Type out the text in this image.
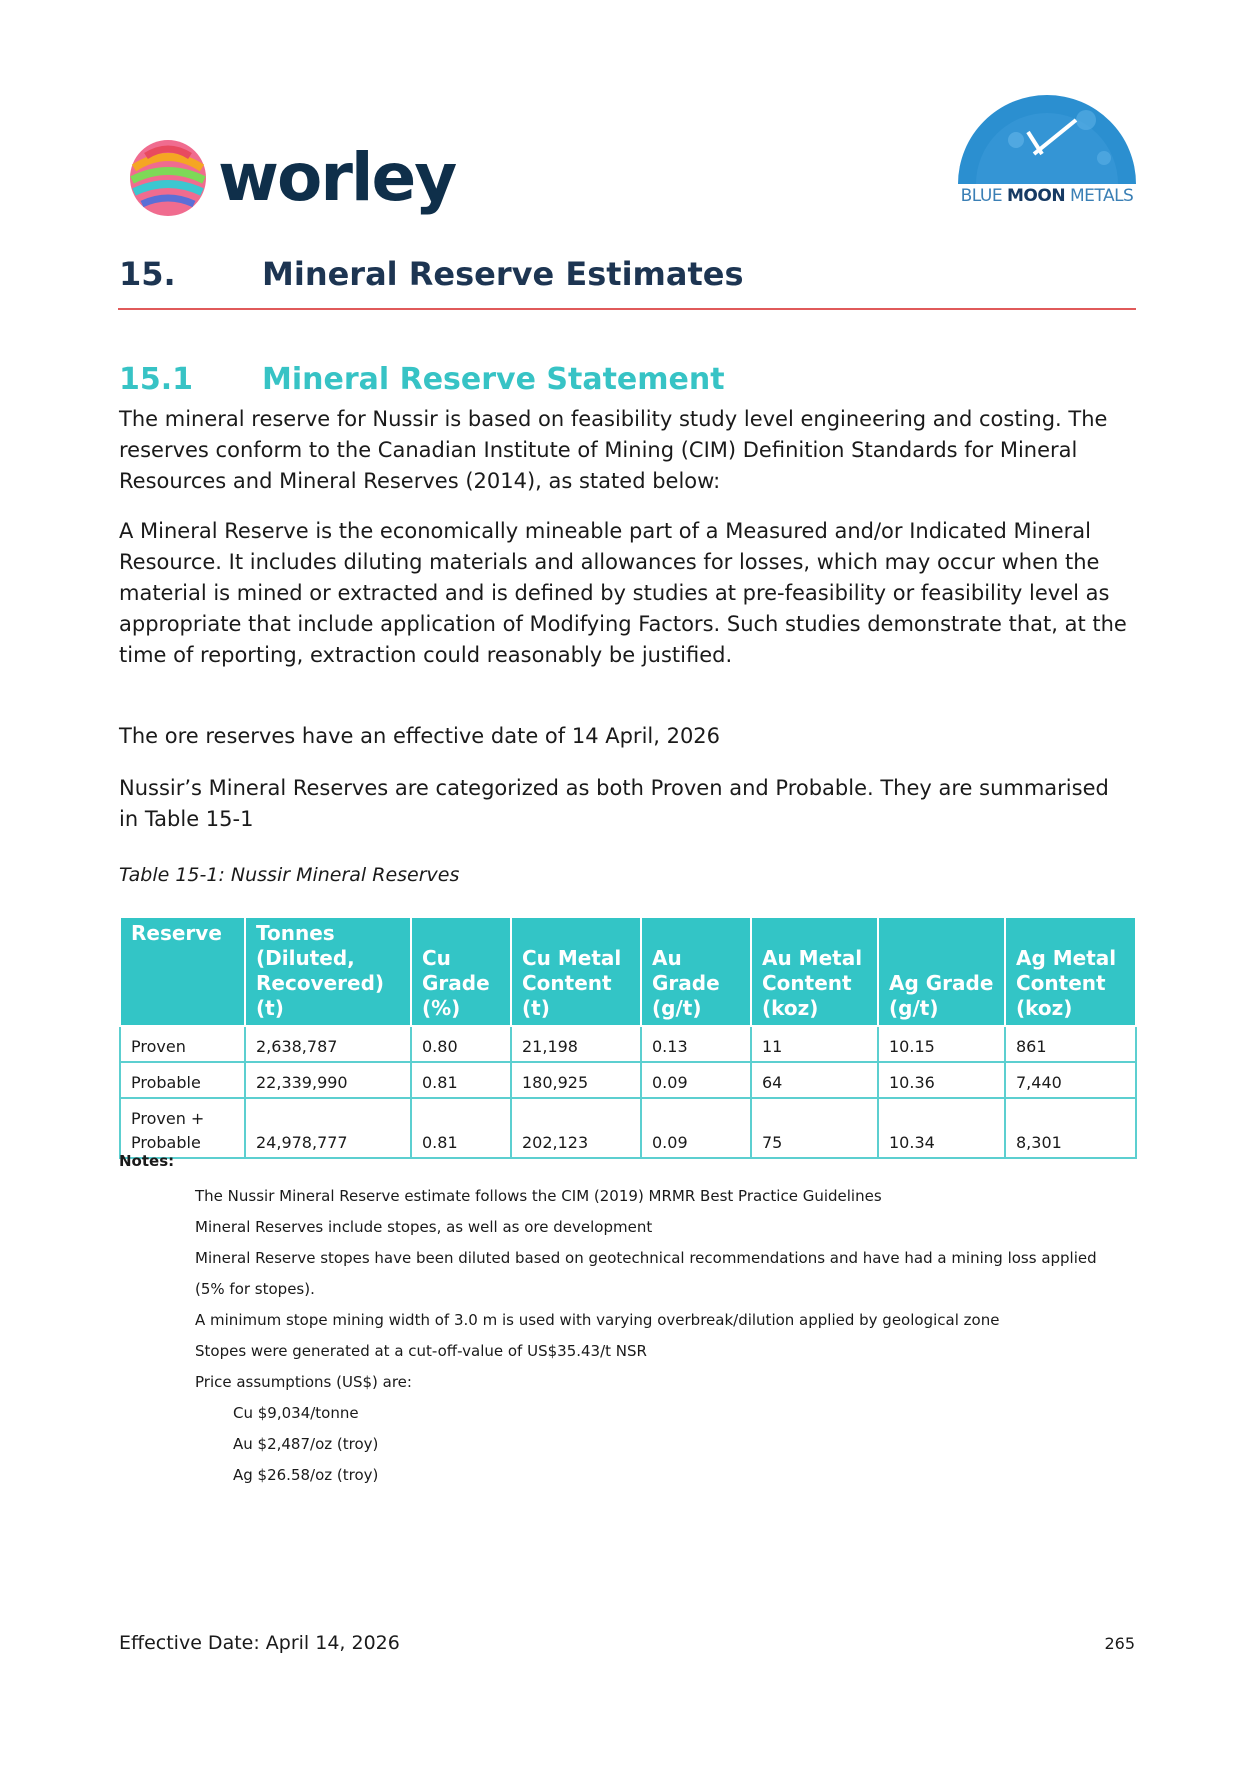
worley	BLUE MOON METALS
15.	Mineral Reserve Estimates
15.1 Mineral Reserve Statement

The mineral reserve for Nussir is based on feasibility study level engineering and costing. The reserves conform to the Canadian Institute of Mining (CIM) Definition Standards for Mineral Resources and Mineral Reserves (2014), as stated below:

A Mineral Reserve is the economically mineable part of a Measured and/or Indicated Mineral Resource. It includes diluting materials and allowances for losses, which may occur when the material is mined or extracted and is defined by studies at pre-feasibility or feasibility level as appropriate that include application of Modifying Factors. Such studies demonstrate that, at the time of reporting, extraction could reasonably be justified.

The ore reserves have an effective date of 14 April, 2026

Nussir’s Mineral Reserves are categorized as both Proven and Probable. They are summarised in Table 15-1

Table 15-1: Nussir Mineral Reserves
Reserve	Tonnes (Diluted, Recovered) (t)	Cu Grade (%)	Cu Metal Content (t)	Au Grade (g/t)	Au Metal Content (koz)	Ag Grade (g/t)	Ag Metal Content (koz)
Proven	2,638,787	0.80	21,198	0.13	11	10.15	861
Probable	22,339,990	0.81	180,925	0.09	64	10.36	7,440
Proven + Probable	24,978,777	0.81	202,123	0.09	75	10.34	8,301
Notes:

The Nussir Mineral Reserve estimate follows the CIM (2019) MRMR Best Practice Guidelines

Mineral Reserves include stopes, as well as ore development

Mineral Reserve stopes have been diluted based on geotechnical recommendations and have had a mining loss applied (5% for stopes).

A minimum stope mining width of 3.0 m is used with varying overbreak/dilution applied by geological zone

Stopes were generated at a cut-off-value of US$35.43/t NSR

Price assumptions (US$) are:

Cu $9,034/tonne

Au $2,487/oz (troy)

Ag $26.58/oz (troy)

Effective Date: April 14, 2026	265
